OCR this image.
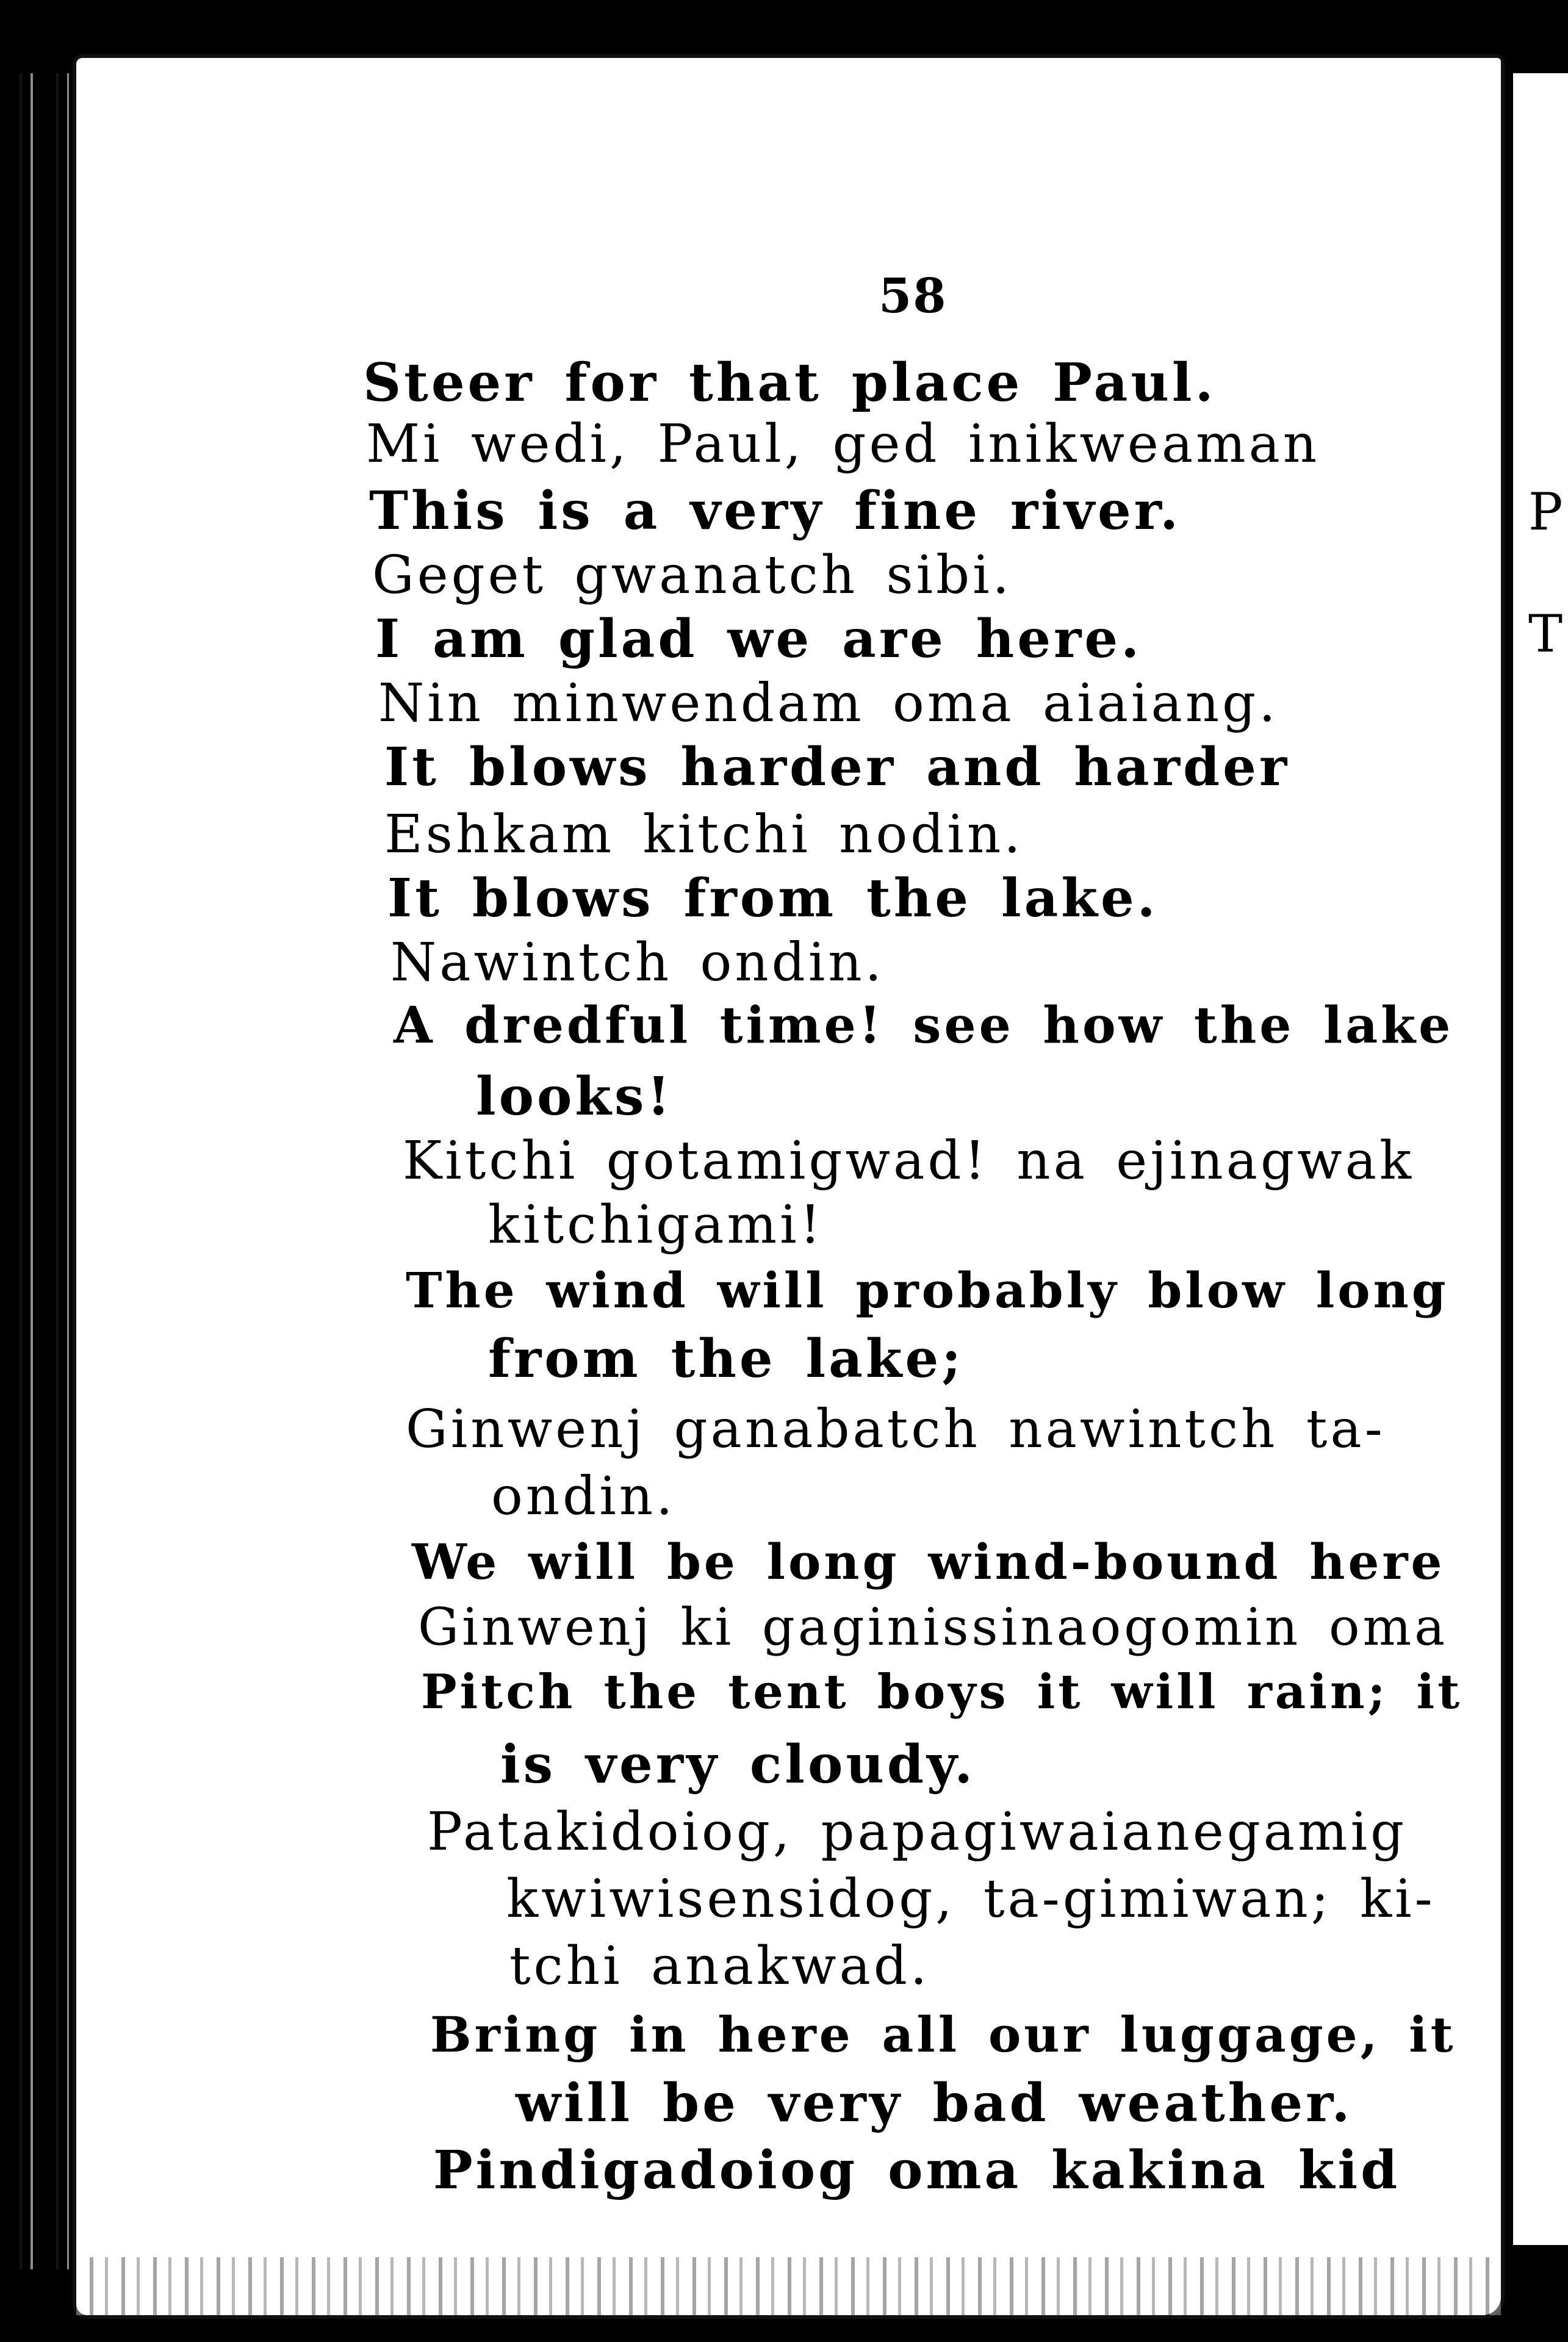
P
T
58
Steer for that place Paul.
Mi wedi, Paul, ged inikweaman
This is a very fine river.
Geget gwanatch sibi.
I am glad we are here.
Nin minwendam oma aiaiang.
It blows harder and harder
Eshkam kitchi nodin.
It blows from the lake.
Nawintch ondin.
A dredful time! see how the lake
looks!
Kitchi gotamigwad! na ejinagwak
kitchigami!
The wind will probably blow long
from the lake;
Ginwenj ganabatch nawintch ta-
ondin.
We will be long wind-bound here
Ginwenj ki gaginissinaogomin oma
Pitch the tent boys it will rain; it
is very cloudy.
Patakidoiog, papagiwaianegamig
kwiwisensidog, ta-gimiwan; ki-
tchi anakwad.
Bring in here all our luggage, it
will be very bad weather.
Pindigadoiog oma kakina kid
